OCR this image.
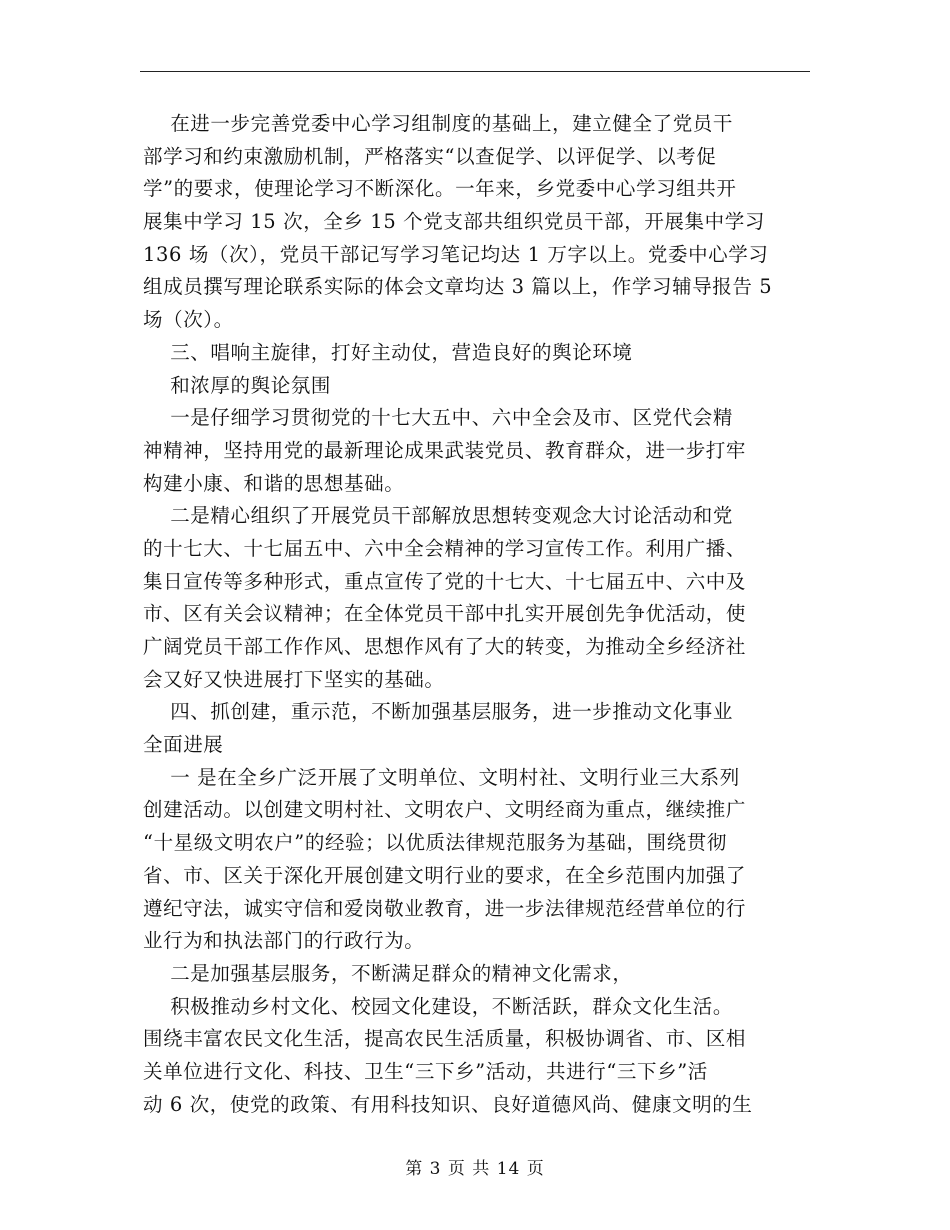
在进一步完善党委中心学习组制度的基础上，建立健全了党员干
部学习和约束激励机制，严格落实“以查促学、以评促学、以考促
学”的要求，使理论学习不断深化。一年来，乡党委中心学习组共开
展集中学习 15 次，全乡 15 个党支部共组织党员干部，开展集中学习
136 场（次），党员干部记写学习笔记均达 1 万字以上。党委中心学习
组成员撰写理论联系实际的体会文章均达 3 篇以上，作学习辅导报告 5
场（次）。
三、唱响主旋律，打好主动仗，营造良好的舆论环境
和浓厚的舆论氛围
一是仔细学习贯彻党的十七大五中、六中全会及市、区党代会精
神精神，坚持用党的最新理论成果武装党员、教育群众，进一步打牢
构建小康、和谐的思想基础。
二是精心组织了开展党员干部解放思想转变观念大讨论活动和党
的十七大、十七届五中、六中全会精神的学习宣传工作。利用广播、
集日宣传等多种形式，重点宣传了党的十七大、十七届五中、六中及
市、区有关会议精神；在全体党员干部中扎实开展创先争优活动，使
广阔党员干部工作作风、思想作风有了大的转变，为推动全乡经济社
会又好又快进展打下坚实的基础。
四、抓创建，重示范，不断加强基层服务，进一步推动文化事业
全面进展
一 是在全乡广泛开展了文明单位、文明村社、文明行业三大系列
创建活动。以创建文明村社、文明农户、文明经商为重点，继续推广
“十星级文明农户”的经验；以优质法律规范服务为基础，围绕贯彻
省、市、区关于深化开展创建文明行业的要求，在全乡范围内加强了
遵纪守法，诚实守信和爱岗敬业教育，进一步法律规范经营单位的行
业行为和执法部门的行政行为。
二是加强基层服务，不断满足群众的精神文化需求，
积极推动乡村文化、校园文化建设，不断活跃，群众文化生活。
围绕丰富农民文化生活，提高农民生活质量，积极协调省、市、区相
关单位进行文化、科技、卫生“三下乡”活动，共进行“三下乡”活
动 6 次，使党的政策、有用科技知识、良好道德风尚、健康文明的生
第 3 页 共 14 页
